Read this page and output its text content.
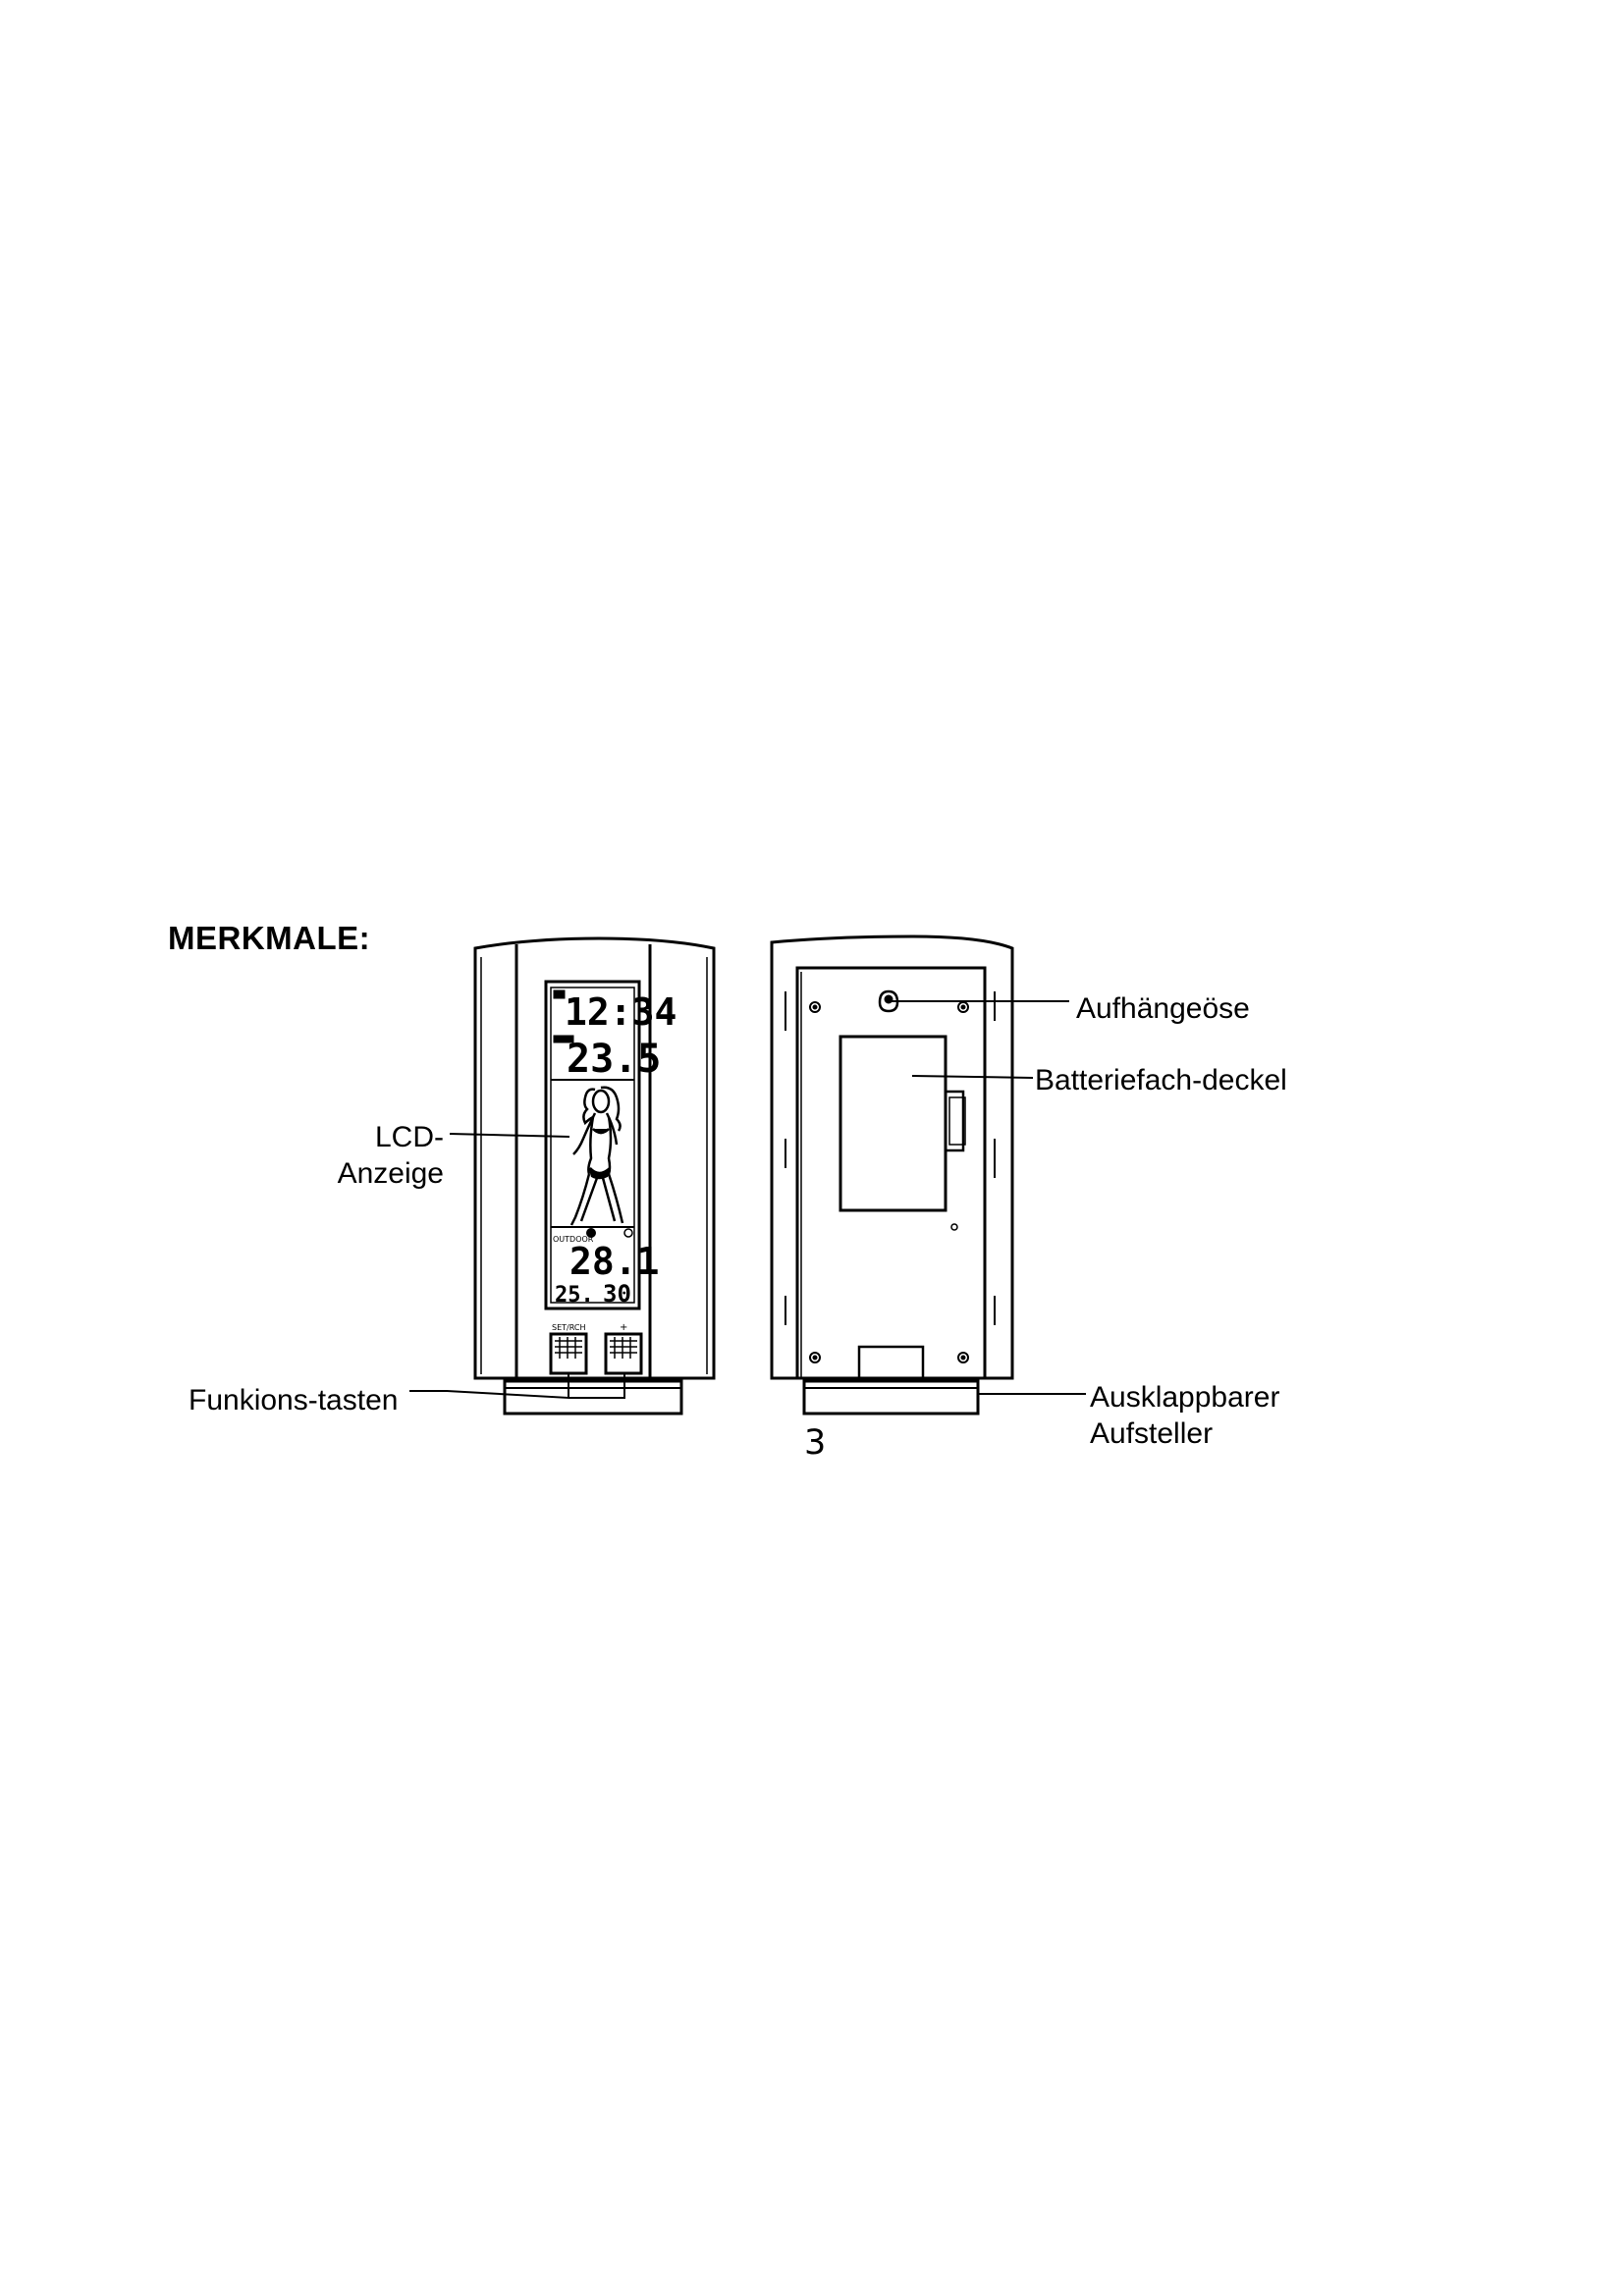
MERKMALE:
12:34
23.5
OUTDOOR
28.1
25. 30
SET/RCH	+
LCD-
Anzeige
Funkions-tasten
Aufhängeöse
Batteriefach-deckel
Ausklappbarer
Aufsteller
3
